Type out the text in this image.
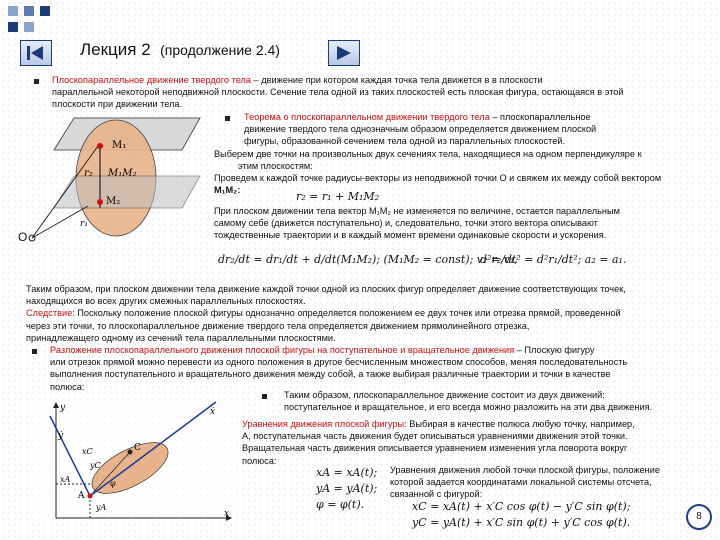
Лекция 2 (продолжение 2.4)
Плоскопараллельное движение твердого тела – движение при котором каждая точка тела движется в в плоскости
параллельной некоторой неподвижной плоскости. Сечение тела одной из таких плоскостей есть плоская фигура, остающаяся в этой
плоскости при движении тела.
M₁
M₂
M₁M₂
r₂
r₁
O
Теорема о плоскопараллельном движении твердого тела – плоскопараллельное
движение твердого тела однозначным образом определяется движением плоской
фигуры, образованной сечением тела одной из параллельных плоскостей.
Выберем две точки на произвольных двух сечениях тела, находящиеся на одном перпендикуляре к
этим плоскостям:
Проведем к каждой точке радиусы-векторы из неподвижной точки O и свяжем их между собой вектором
M₁M₂:	r₂ = r₁ + M₁M₂
При плоском движении тела вектор M₁M₂ не изменяется по величине, остается параллельным
самому себе (движется поступательно) и, следовательно, точки этого вектора описывают
тождественные траектории и в каждый момент времени одинаковые скорости и ускорения.
dr₂/dt = dr₁/dt + d/dt(M₁M₂); (M₁M₂ = const); v₂ = v₁,
d²r₂/dt² = d²r₁/dt²; a₂ = a₁.
Таким образом, при плоском движении тела движение каждой точки одной из плоских фигур определяет движение соответствующих точек,
находящихся во всех других смежных параллельных плоскостях.
Следствие: Поскольку положение плоской фигуры однозначно определяется положением ее двух точек или отрезка прямой, проведенной
через эти точки, то плоскопараллельное движение твердого тела определяется движением прямолинейного отрезка,
принадлежащего одному из сечений тела параллельными плоскостями.
Разложение плоскопараллельного движения плоской фигуры на поступательное и вращательное движения – Плоскую фигуру
или отрезок прямой можно перевести из одного положения в другое бесчисленным множеством способов, меняя последовательность
выполнения поступательного и вращательного движения между собой, а также выбирая различные траектории и точки в качестве
полюса:
Таким образом, плоскопараллельное движение состоит из двух движений:
поступательное и вращательное, и его всегда можно разложить на эти два движения.
y
x
ẋ
ẏ
xC
yC
xA
yA
C
A
φ
Уравнения движения плоской фигуры: Выбирая в качестве полюса любую точку, например,
А, поступательная часть движения будет описываться уравнениями движения этой точки.
Вращательная часть движения описывается уравнением изменения угла поворота вокруг
полюса:
Уравнения движения любой точки плоской фигуры, положение
которой задается координатами локальной системы отсчета,
связанной с фигурой:
xA = xA(t);
yA = yA(t);
φ = φ(t).	xC = xA(t) + x′C cos φ(t) − y′C sin φ(t);
yC = yA(t) + x′C sin φ(t) + y′C cos φ(t).	8
